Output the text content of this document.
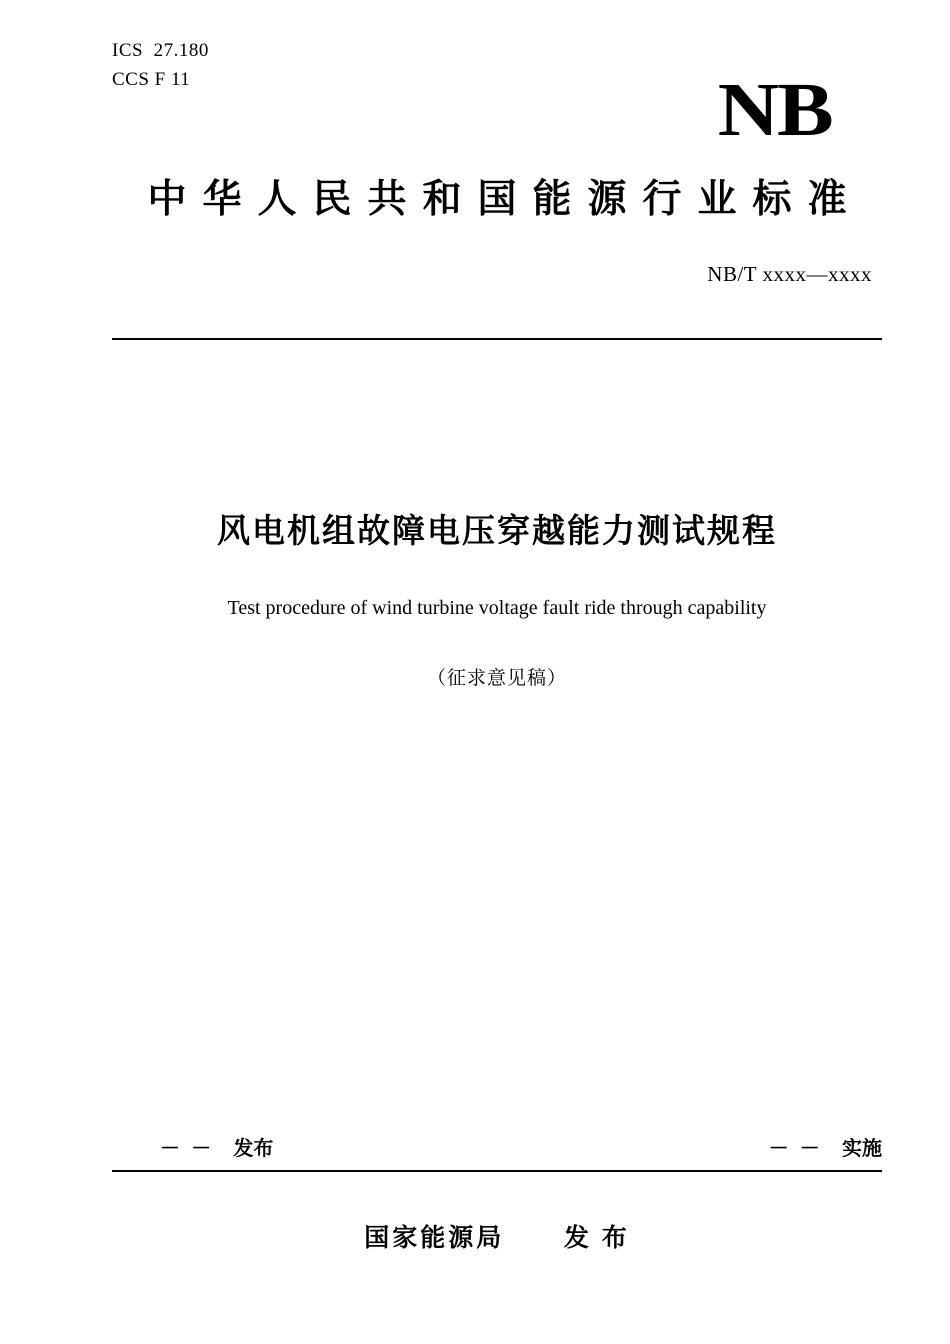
ICS  27.180
CCS F 11	NB
中华人民共和国能源行业标准
NB/T xxxx—xxxx
风电机组故障电压穿越能力测试规程
Test procedure of wind turbine voltage fault ride through capability
（征求意见稿）
－  －    发布	－  －    实施
国家能源局      发 布
